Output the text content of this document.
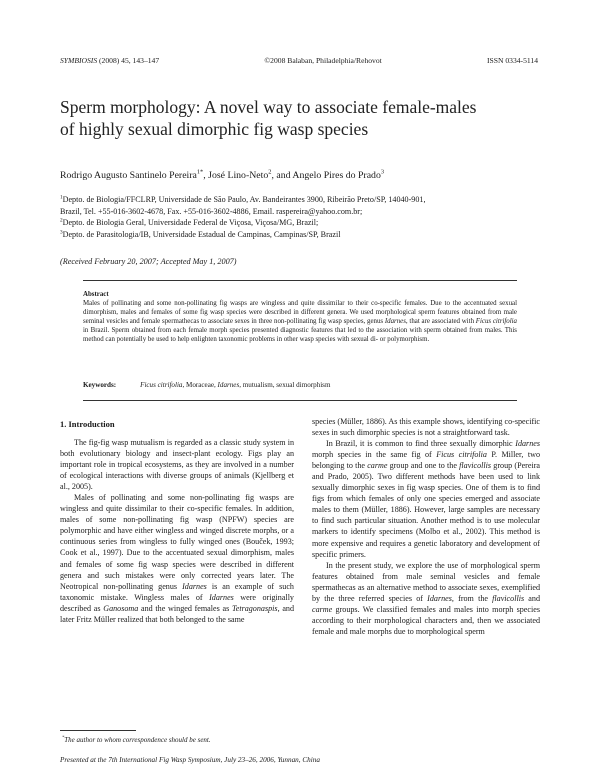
SYMBIOSIS (2008) 45, 143–147	©2008 Balaban, Philadelphia/Rehovot	ISSN 0334-5114
Sperm morphology: A novel way to associate female-males
of highly sexual dimorphic fig wasp species
Rodrigo Augusto Santinelo Pereira$^{1*}$, José Lino-Neto$^2$, and Angelo Pires do Prado$^3$
$^1$Depto. de Biologia/FFCLRP, Universidade de São Paulo, Av. Bandeirantes 3900, Ribeirão Preto/SP, 14040-901,
Brazil, Tel. +55-016-3602-4678, Fax. +55-016-3602-4886, Email. raspereira@yahoo.com.br;
$^2$Depto. de Biologia Geral, Universidade Federal de Viçosa, Viçosa/MG, Brazil;
$^3$Depto. de Parasitologia/IB, Universidade Estadual de Campinas, Campinas/SP, Brazil
(Received February 20, 2007; Accepted May 1, 2007)
Abstract
Males of pollinating and some non-pollinating fig wasps are wingless and quite dissimilar to their co-specific females. Due to the accentuated sexual dimorphism, males and females of some fig wasp species were described in different genera. We used morphological sperm features obtained from male seminal vesicles and female spermathecas to associate sexes in three non-pollinating fig wasp species, genus Idarnes, that are associated with Ficus citrifolia in Brazil. Sperm obtained from each female morph species presented diagnostic features that led to the association with sperm obtained from males. This method can potentially be used to help enlighten taxonomic problems in other wasp species with sexual di- or polymorphism.
Keywords:	Ficus citrifolia, Moraceae, Idarnes, mutualism, sexual dimorphism
1. Introduction

The fig-fig wasp mutualism is regarded as a classic study system in both evolutionary biology and insect-plant ecology. Figs play an important role in tropical ecosystems, as they are involved in a number of ecological interactions with diverse groups of animals (Kjellberg et al., 2005).

Males of pollinating and some non-pollinating fig wasps are wingless and quite dissimilar to their co-specific females. In addition, males of some non-pollinating fig wasp (NPFW) species are polymorphic and have either wingless and winged discrete morphs, or a continuous series from wingless to fully winged ones (Bouček, 1993; Cook et al., 1997). Due to the accentuated sexual dimorphism, males and females of some fig wasp species were described in different genera and such mistakes were only corrected years later. The Neotropical non-pollinating genus Idarnes is an example of such taxonomic mistake. Wingless males of Idarnes were originally described as Ganosoma and the winged females as Tetragonaspis, and later Fritz Müller realized that both belonged to the same

species (Müller, 1886). As this example shows, identifying co-specific sexes in such dimorphic species is not a straightforward task.

In Brazil, it is common to find three sexually dimorphic Idarnes morph species in the same fig of Ficus citrifolia P. Miller, two belonging to the carme group and one to the flavicollis group (Pereira and Prado, 2005). Two different methods have been used to link sexually dimorphic sexes in fig wasp species. One of them is to find figs from which females of only one species emerged and associate males to them (Müller, 1886). However, large samples are necessary to find such particular situation. Another method is to use molecular markers to identify specimens (Molbo et al., 2002). This method is more expensive and requires a genetic laboratory and development of specific primers.

In the present study, we explore the use of morphological sperm features obtained from male seminal vesicles and female spermathecas as an alternative method to associate sexes, exemplified by the three referred species of Idarnes, from the flavicollis and carme groups. We classified females and males into morph species according to their morphological characters and, then we associated female and male morphs due to morphological sperm

*The author to whom correspondence should be sent.
Presented at the 7th International Fig Wasp Symposium, July 23–26, 2006, Yunnan, China
